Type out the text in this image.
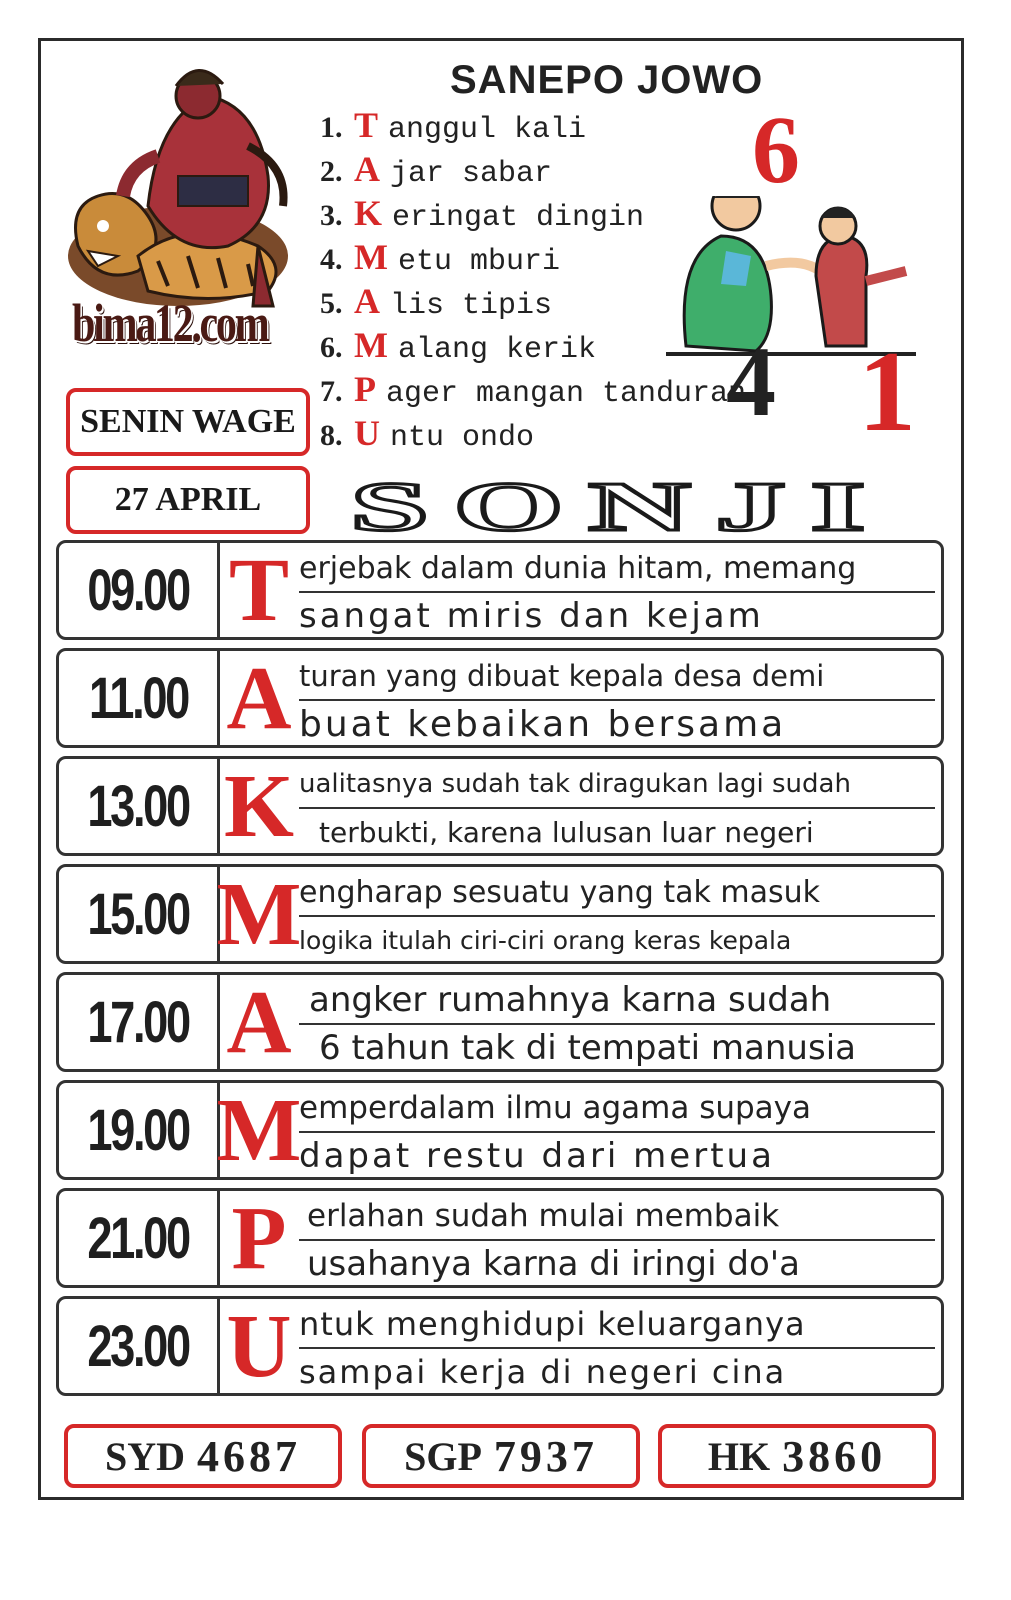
bima12.com
SENIN WAGE
27 APRIL
SANEPO JOWO
1. T anggul kali
2. A jar sabar
3. K eringat dingin
4. M etu mburi
5. A lis tipis
6. M alang kerik
7. P ager mangan tanduran
8. U ntu ondo
6
4 1
SONJI
09.00 T erjebak dalam dunia hitam, memang
sangat miris dan kejam
11.00 A turan yang dibuat kepala desa demi
buat kebaikan bersama
13.00 K ualitasnya sudah tak diragukan lagi sudah
terbukti, karena lulusan luar negeri
15.00 M
engharap sesuatu yang tak masuk
logika itulah ciri-ciri orang keras kepala
17.00 A angker rumahnya karna sudah
6 tahun tak di tempati manusia
19.00 M
emperdalam ilmu agama supaya
dapat restu dari mertua
21.00 P erlahan sudah mulai membaik
usahanya karna di iringi do'a
23.00 U ntuk menghidupi keluarganya
sampai kerja di negeri cina
SYD 4687	SGP 7937	HK 3860
